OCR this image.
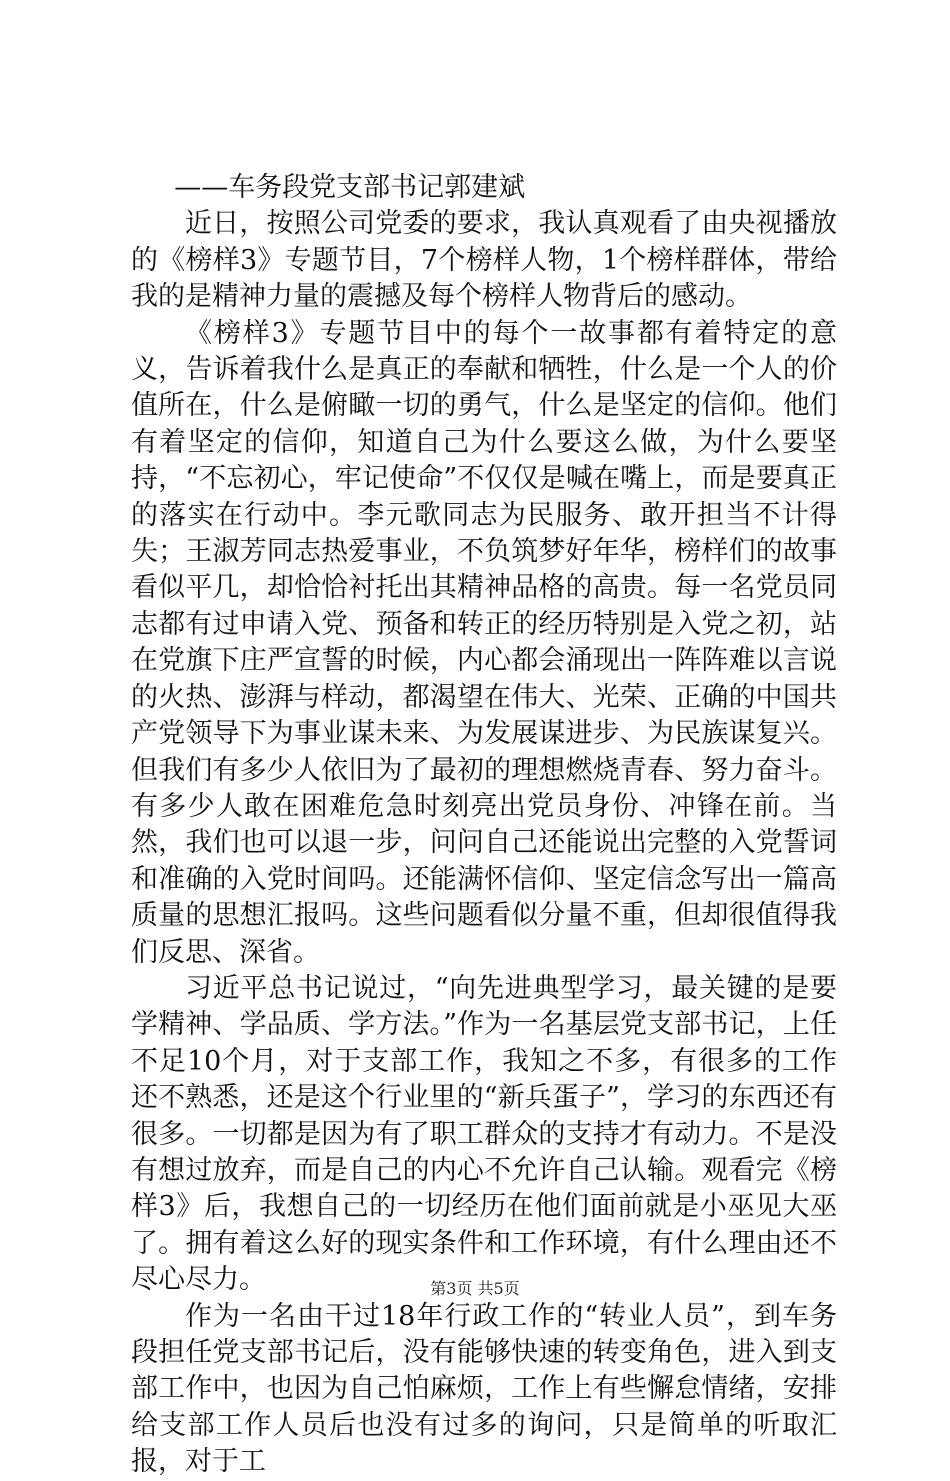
——车务段党支部书记郭建斌

近日，按照公司党委的要求，我认真观看了由央视播放的《榜样3》专题节目，7个榜样人物，1个榜样群体，带给我的是精神力量的震撼及每个榜样人物背后的感动。

《榜样3》专题节目中的每个一故事都有着特定的意义，告诉着我什么是真正的奉献和牺牲，什么是一个人的价值所在，什么是俯瞰一切的勇气，什么是坚定的信仰。他们有着坚定的信仰，知道自己为什么要这么做，为什么要坚持，“不忘初心，牢记使命”不仅仅是喊在嘴上，而是要真正的落实在行动中。李元歌同志为民服务、敢开担当不计得失；王淑芳同志热爱事业，不负筑梦好年华，榜样们的故事看似平几，却恰恰衬托出其精神品格的高贵。每一名党员同志都有过申请入党、预备和转正的经历特别是入党之初，站在党旗下庄严宣誓的时候，内心都会涌现出一阵阵难以言说的火热、澎湃与样动，都渴望在伟大、光荣、正确的中国共产党领导下为事业谋未来、为发展谋进步、为民族谋复兴。但我们有多少人依旧为了最初的理想燃烧青春、努力奋斗。有多少人敢在困难危急时刻亮出党员身份、冲锋在前。当然，我们也可以退一步，问问自己还能说出完整的入党誓词和准确的入党时间吗。还能满怀信仰、坚定信念写出一篇高质量的思想汇报吗。这些问题看似分量不重，但却很值得我们反思、深省。

习近平总书记说过，“向先进典型学习，最关键的是要学精神、学品质、学方法。”作为一名基层党支部书记，上任不足10个月，对于支部工作，我知之不多，有很多的工作还不熟悉，还是这个行业里的“新兵蛋子”，学习的东西还有很多。一切都是因为有了职工群众的支持才有动力。不是没有想过放弃，而是自己的内心不允许自己认输。观看完《榜样3》后，我想自己的一切经历在他们面前就是小巫见大巫了。拥有着这么好的现实条件和工作环境，有什么理由还不尽心尽力。

作为一名由干过18年行政工作的“转业人员”，到车务段担任党支部书记后，没有能够快速的转变角色，进入到支部工作中，也因为自己怕麻烦，工作上有些懈怠情绪，安排给支部工作人员后也没有过多的询问，只是简单的听取汇报，对于工

第3页 共5页
